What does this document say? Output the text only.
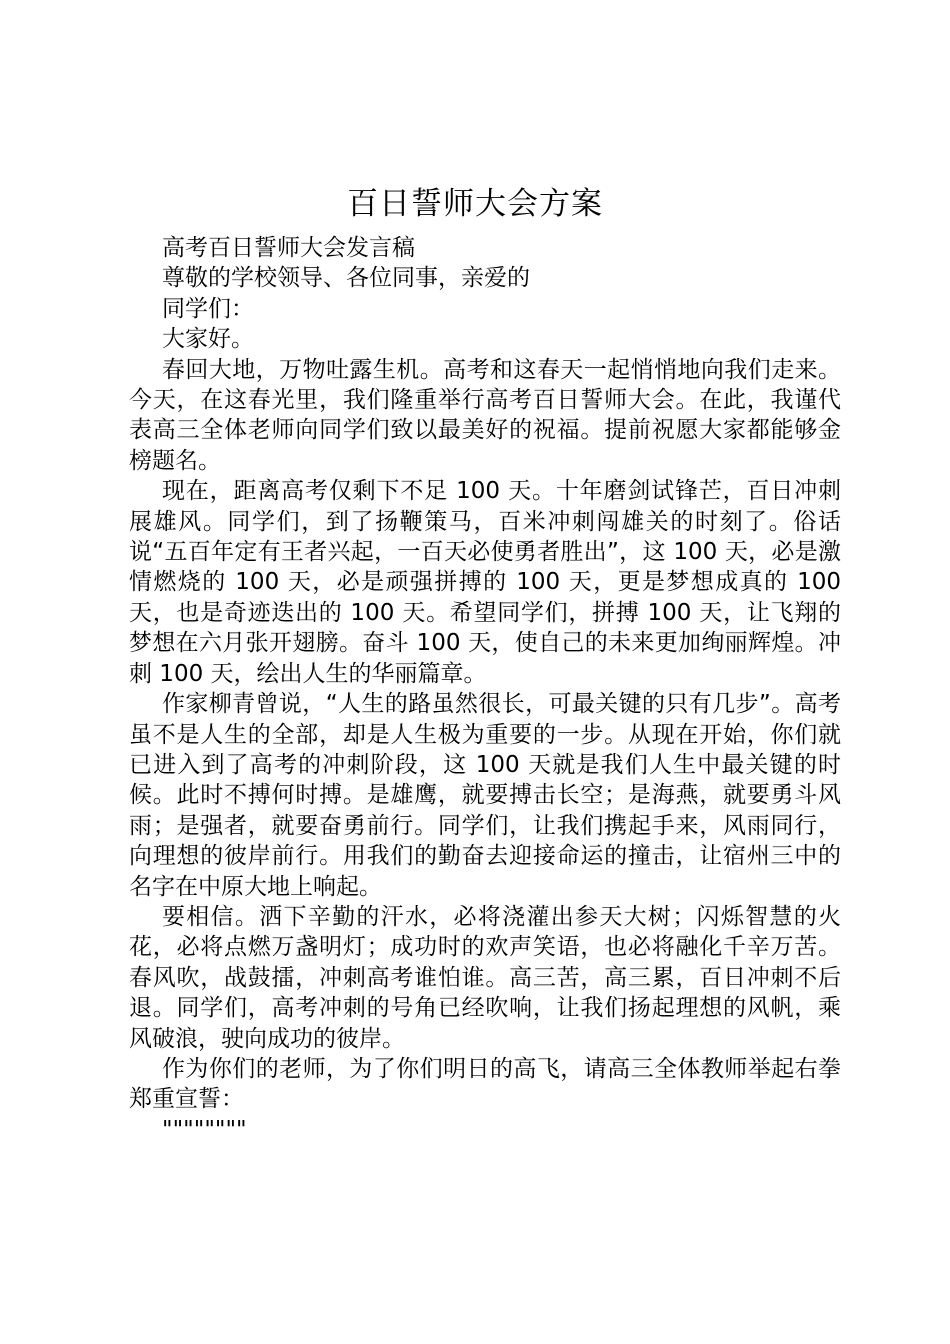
百日誓师大会方案

高考百日誓师大会发言稿

尊敬的学校领导、各位同事，亲爱的

同学们：

大家好。

春回大地，万物吐露生机。高考和这春天一起悄悄地向我们走来。今天，在这春光里，我们隆重举行高考百日誓师大会。在此，我谨代表高三全体老师向同学们致以最美好的祝福。提前祝愿大家都能够金榜题名。

现在，距离高考仅剩下不足 100 天。十年磨剑试锋芒，百日冲刺展雄风。同学们，到了扬鞭策马，百米冲刺闯雄关的时刻了。俗话说“五百年定有王者兴起，一百天必使勇者胜出”，这 100 天，必是激情燃烧的 100 天，必是顽强拼搏的 100 天，更是梦想成真的 100 天，也是奇迹迭出的 100 天。希望同学们，拼搏 100 天，让飞翔的梦想在六月张开翅膀。奋斗 100 天，使自己的未来更加绚丽辉煌。冲刺 100 天，绘出人生的华丽篇章。

作家柳青曾说，“人生的路虽然很长，可最关键的只有几步”。高考虽不是人生的全部，却是人生极为重要的一步。从现在开始，你们就已进入到了高考的冲刺阶段，这 100 天就是我们人生中最关键的时候。此时不搏何时搏。是雄鹰，就要搏击长空；是海燕，就要勇斗风雨；是强者，就要奋勇前行。同学们，让我们携起手来，风雨同行，向理想的彼岸前行。用我们的勤奋去迎接命运的撞击，让宿州三中的名字在中原大地上响起。

要相信。洒下辛勤的汗水，必将浇灌出参天大树；闪烁智慧的火花，必将点燃万盏明灯；成功时的欢声笑语，也必将融化千辛万苦。春风吹，战鼓擂，冲刺高考谁怕谁。高三苦，高三累，百日冲刺不后退。同学们，高考冲刺的号角已经吹响，让我们扬起理想的风帆，乘风破浪，驶向成功的彼岸。

作为你们的老师，为了你们明日的高飞，请高三全体教师举起右拳郑重宣誓：

""""""""
